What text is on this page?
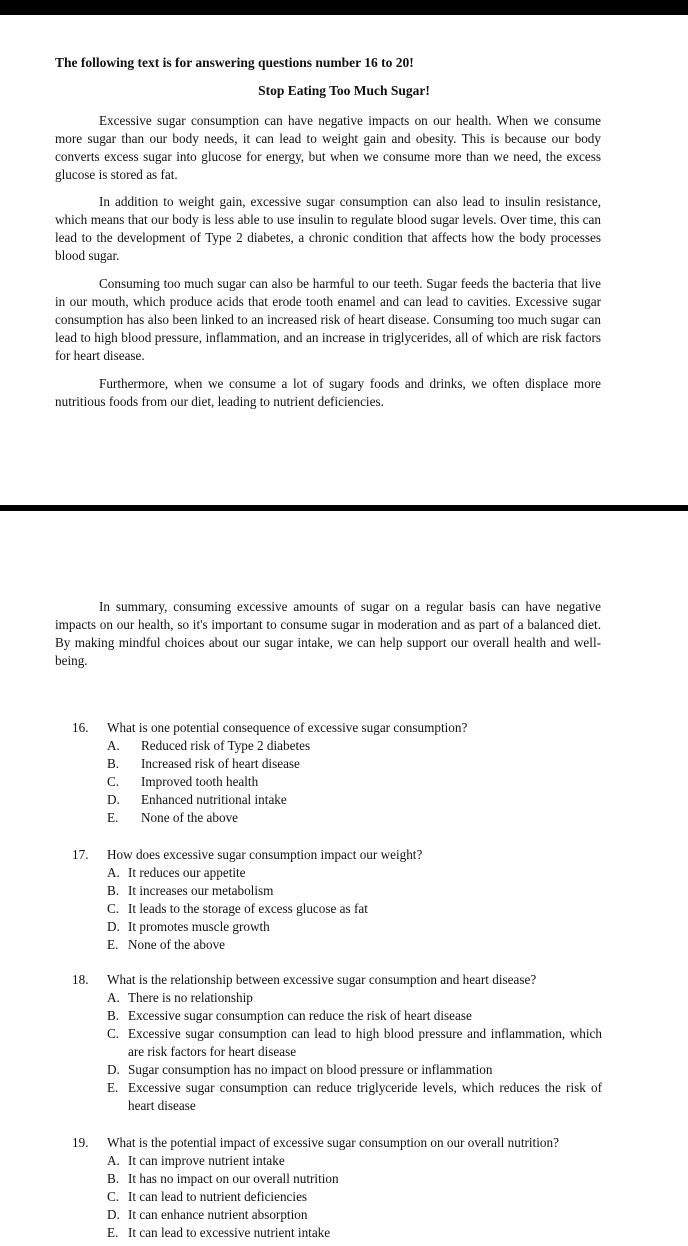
The following text is for answering questions number 16 to 20!
Stop Eating Too Much Sugar!
Excessive sugar consumption can have negative impacts on our health. When we consume more sugar than our body needs, it can lead to weight gain and obesity. This is because our body converts excess sugar into glucose for energy, but when we consume more than we need, the excess glucose is stored as fat.
In addition to weight gain, excessive sugar consumption can also lead to insulin resistance, which means that our body is less able to use insulin to regulate blood sugar levels. Over time, this can lead to the development of Type 2 diabetes, a chronic condition that affects how the body processes blood sugar.
Consuming too much sugar can also be harmful to our teeth. Sugar feeds the bacteria that live in our mouth, which produce acids that erode tooth enamel and can lead to cavities. Excessive sugar consumption has also been linked to an increased risk of heart disease. Consuming too much sugar can lead to high blood pressure, inflammation, and an increase in triglycerides, all of which are risk factors for heart disease.
Furthermore, when we consume a lot of sugary foods and drinks, we often displace more nutritious foods from our diet, leading to nutrient deficiencies.
In summary, consuming excessive amounts of sugar on a regular basis can have negative impacts on our health, so it's important to consume sugar in moderation and as part of a balanced diet. By making mindful choices about our sugar intake, we can help support our overall health and well-being.
16. What is one potential consequence of excessive sugar consumption?
A.	Reduced risk of Type 2 diabetes
B.	Increased risk of heart disease
C.	Improved tooth health
D.	Enhanced nutritional intake
E.	None of the above
17. How does excessive sugar consumption impact our weight?
A. It reduces our appetite
B. It increases our metabolism
C. It leads to the storage of excess glucose as fat
D. It promotes muscle growth
E. None of the above
18. What is the relationship between excessive sugar consumption and heart disease?
A. There is no relationship
B. Excessive sugar consumption can reduce the risk of heart disease
C. Excessive sugar consumption can lead to high blood pressure and inflammation, which are risk factors for heart disease
D. Sugar consumption has no impact on blood pressure or inflammation
E. Excessive sugar consumption can reduce triglyceride levels, which reduces the risk of heart disease
19. What is the potential impact of excessive sugar consumption on our overall nutrition?
A. It can improve nutrient intake
B. It has no impact on our overall nutrition
C. It can lead to nutrient deficiencies
D. It can enhance nutrient absorption
E. It can lead to excessive nutrient intake
